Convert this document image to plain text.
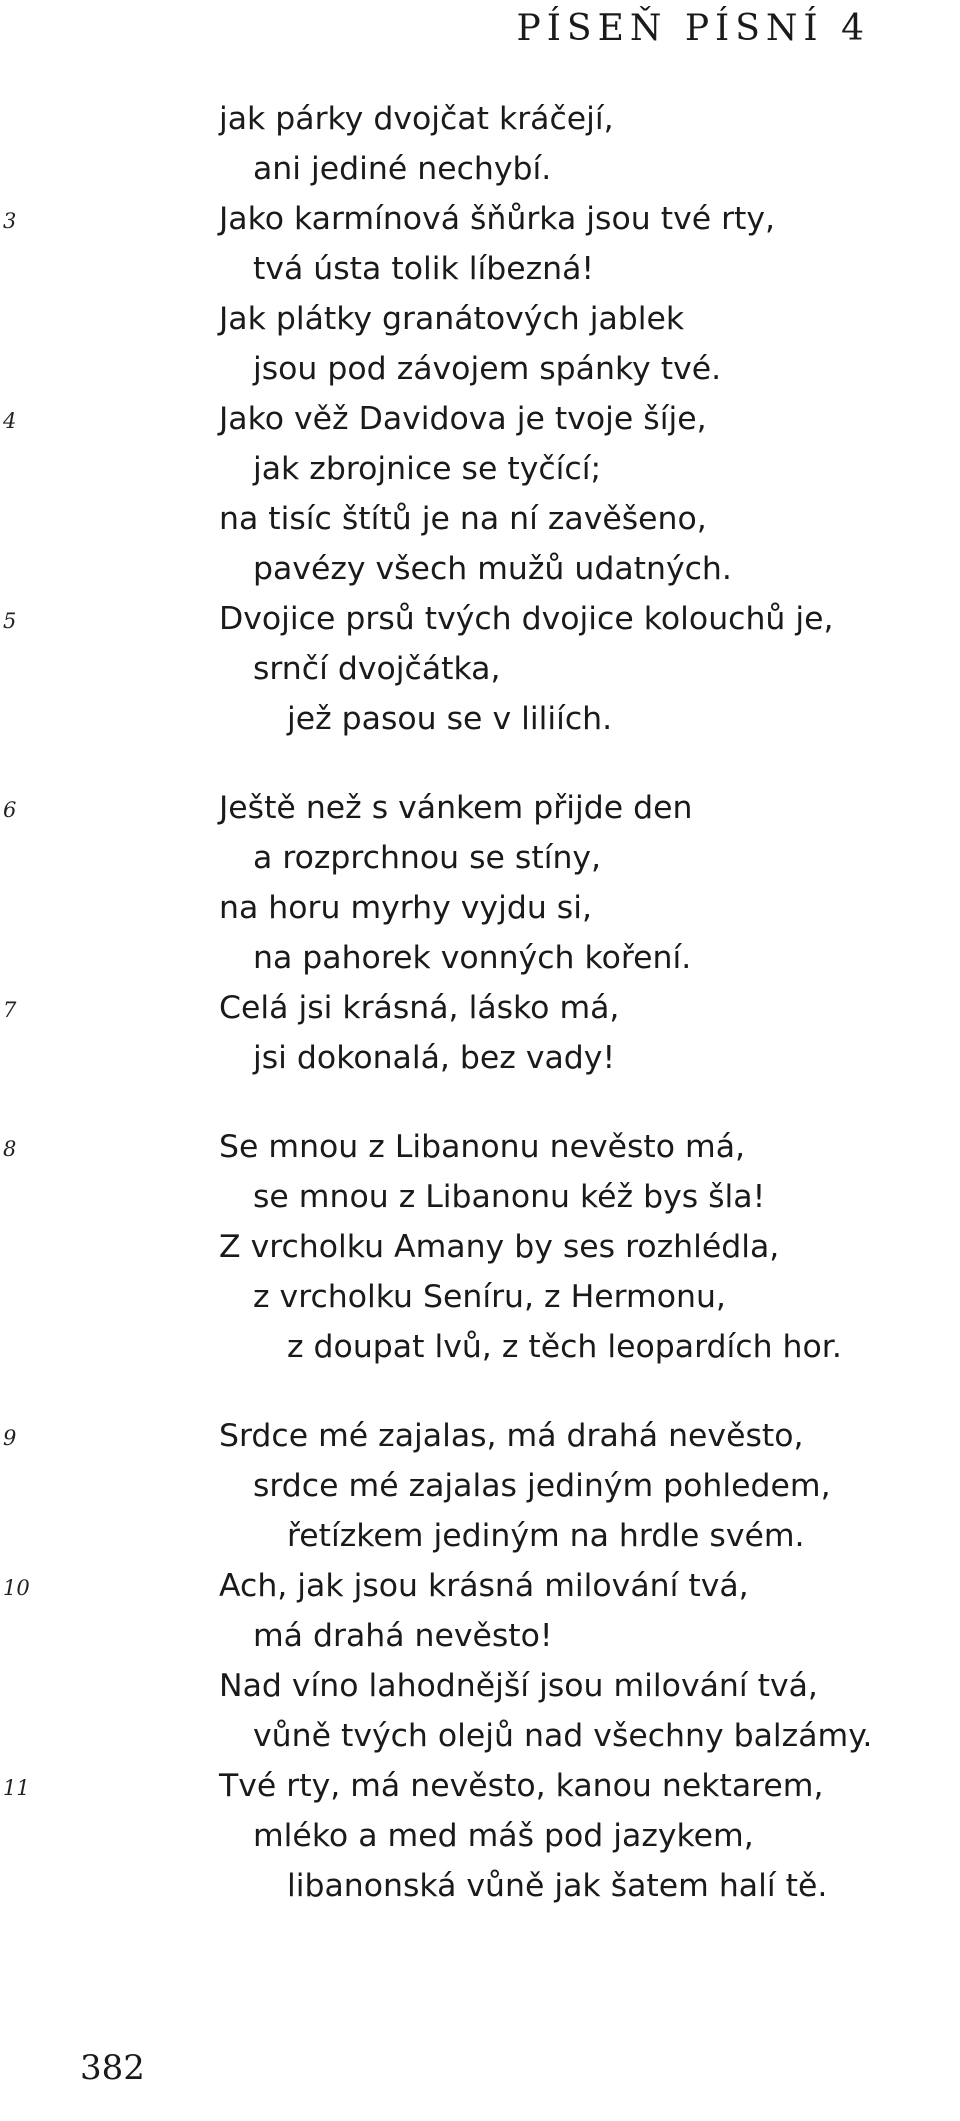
PÍSEŇ PÍSNÍ 4
jak párky dvojčat kráčejí,
ani jediné nechybí.
3	Jako karmínová šňůrka jsou tvé rty,
tvá ústa tolik líbezná!
Jak plátky granátových jablek
jsou pod závojem spánky tvé.
4	Jako věž Davidova je tvoje šíje,
jak zbrojnice se tyčící;
na tisíc štítů je na ní zavěšeno,
pavézy všech mužů udatných.
5	Dvojice prsů tvých dvojice kolouchů je,
srnčí dvojčátka,
jež pasou se v liliích.
6	Ještě než s vánkem přijde den
a rozprchnou se stíny,
na horu myrhy vyjdu si,
na pahorek vonných koření.
7	Celá jsi krásná, lásko má,
jsi dokonalá, bez vady!
8	Se mnou z Libanonu nevěsto má,
se mnou z Libanonu kéž bys šla!
Z vrcholku Amany by ses rozhlédla,
z vrcholku Seníru, z Hermonu,
z doupat lvů, z těch leopardích hor.
9	Srdce mé zajalas, má drahá nevěsto,
srdce mé zajalas jediným pohledem,
řetízkem jediným na hrdle svém.
10	Ach, jak jsou krásná milování tvá,
má drahá nevěsto!
Nad víno lahodnější jsou milování tvá,
vůně tvých olejů nad všechny balzámy.
11	Tvé rty, má nevěsto, kanou nektarem,
mléko a med máš pod jazykem,
libanonská vůně jak šatem halí tě.
382
